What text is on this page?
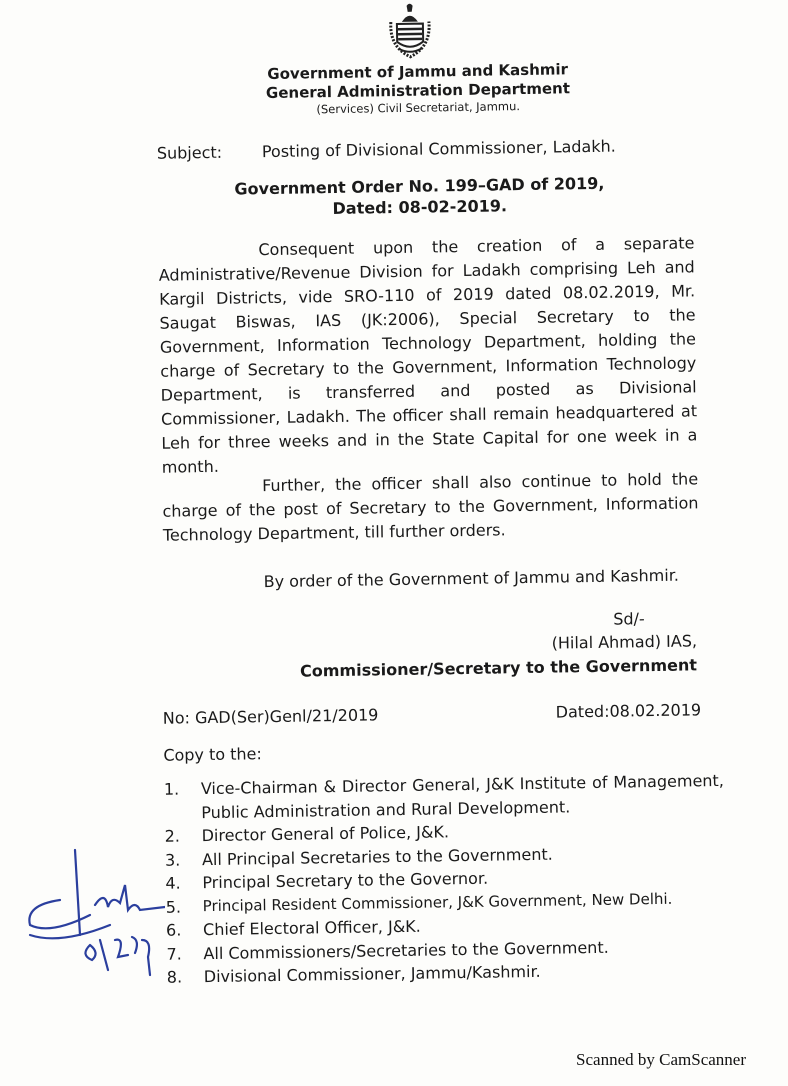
Government of Jammu and Kashmir
General Administration Department
(Services) Civil Secretariat, Jammu.
Subject: Posting of Divisional Commissioner, Ladakh.
Government Order No. 199–GAD of 2019,
Dated: 08-02-2019.
Consequent upon the creation of a separate Administrative/Revenue Division for Ladakh comprising Leh and Kargil Districts, vide SRO-110 of 2019 dated 08.02.2019, Mr. Saugat Biswas, IAS (JK:2006), Special Secretary to the Government, Information Technology Department, holding the charge of Secretary to the Government, Information Technology Department, is transferred and posted as Divisional Commissioner, Ladakh. The officer shall remain headquartered at Leh for three weeks and in the State Capital for one week in a month.
Further, the officer shall also continue to hold the charge of the post of Secretary to the Government, Information Technology Department, till further orders.
By order of the Government of Jammu and Kashmir.
Sd/-
(Hilal Ahmad) IAS,
Commissioner/Secretary to the Government
No: GAD(Ser)Genl/21/2019	Dated:08.02.2019
Copy to the:
1.	Vice-Chairman & Director General, J&K Institute of Management, Public Administration and Rural Development.
2.	Director General of Police, J&K.
3.	All Principal Secretaries to the Government.
4.	Principal Secretary to the Governor.
5.	Principal Resident Commissioner, J&K Government, New Delhi.
6.	Chief Electoral Officer, J&K.
7.	All Commissioners/Secretaries to the Government.
8.	Divisional Commissioner, Jammu/Kashmir.
Scanned by CamScanner
